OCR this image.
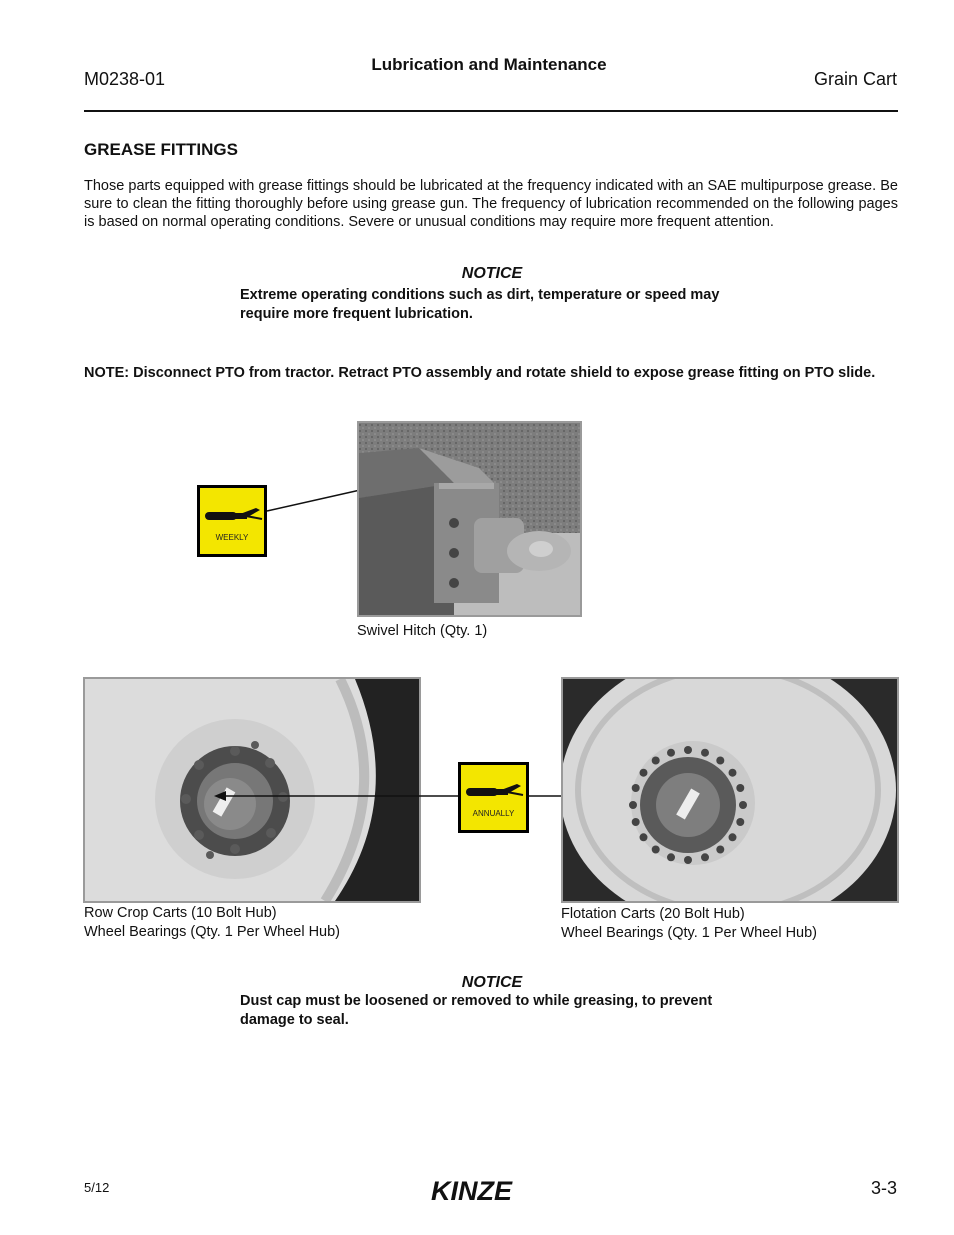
M0238-01
Lubrication and Maintenance
Grain Cart
GREASE FITTINGS
Those parts equipped with grease fittings should be lubricated at the frequency indicated with an SAE multipurpose grease. Be sure to clean the fitting thoroughly before using grease gun. The frequency of lubrication recommended on the following pages is based on normal operating conditions. Severe or unusual conditions may require more frequent attention.
NOTICE
Extreme operating conditions such as dirt, temperature or speed may require more frequent lubrication.
NOTE: Disconnect PTO from tractor. Retract PTO assembly and rotate shield to expose grease fitting on PTO slide.
WEEKLY
Swivel Hitch (Qty. 1)
Row Crop Carts (10 Bolt Hub)
Wheel Bearings (Qty. 1 Per Wheel Hub)
ANNUALLY
Flotation Carts (20 Bolt Hub)
Wheel Bearings (Qty. 1 Per Wheel Hub)
NOTICE
Dust cap must be loosened or removed to while greasing, to prevent damage to seal.
5/12	KINZE	3-3
